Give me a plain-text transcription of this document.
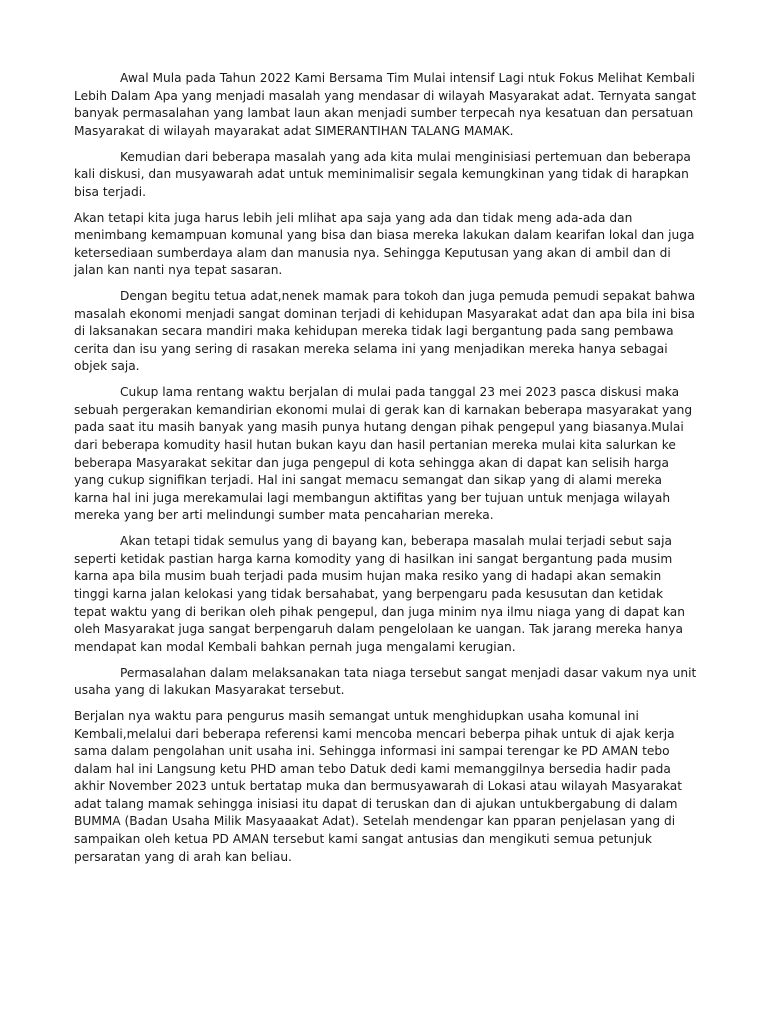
Awal Mula pada Tahun 2022 Kami Bersama Tim Mulai intensif Lagi ntuk Fokus Melihat Kembali Lebih Dalam Apa yang menjadi masalah yang mendasar di wilayah Masyarakat adat. Ternyata sangat banyak permasalahan yang lambat laun akan menjadi sumber terpecah nya kesatuan dan persatuan Masyarakat di wilayah mayarakat adat SIMERANTIHAN TALANG MAMAK.

Kemudian dari beberapa masalah yang ada kita mulai menginisiasi pertemuan dan beberapa kali diskusi, dan musyawarah adat untuk meminimalisir segala kemungkinan yang tidak di harapkan bisa terjadi.

Akan tetapi kita juga harus lebih jeli mlihat apa saja yang ada dan tidak meng ada-ada dan menimbang kemampuan komunal yang bisa dan biasa mereka lakukan dalam kearifan lokal dan juga ketersediaan sumberdaya alam dan manusia nya. Sehingga Keputusan yang akan di ambil dan di jalan kan nanti nya tepat sasaran.

Dengan begitu tetua adat,nenek mamak para tokoh dan juga pemuda pemudi sepakat bahwa masalah ekonomi menjadi sangat dominan terjadi di kehidupan Masyarakat adat dan apa bila ini bisa di laksanakan secara mandiri maka kehidupan mereka tidak lagi bergantung pada sang pembawa cerita dan isu yang sering di rasakan mereka selama ini yang menjadikan mereka hanya sebagai objek saja.

Cukup lama rentang waktu berjalan di mulai pada tanggal 23 mei 2023 pasca diskusi maka sebuah pergerakan kemandirian ekonomi mulai di gerak kan di karnakan beberapa masyarakat yang pada saat itu masih banyak yang masih punya hutang dengan pihak pengepul yang biasanya.Mulai dari beberapa komudity hasil hutan bukan kayu dan hasil pertanian mereka mulai kita salurkan ke beberapa Masyarakat sekitar dan juga pengepul di kota sehingga akan di dapat kan selisih harga yang cukup signifikan terjadi. Hal ini sangat memacu semangat dan sikap yang di alami mereka karna hal ini juga merekamulai lagi membangun aktifitas yang ber tujuan untuk menjaga wilayah mereka yang ber arti melindungi sumber mata pencaharian mereka.

Akan tetapi tidak semulus yang di bayang kan, beberapa masalah mulai terjadi sebut saja seperti ketidak pastian harga karna komodity yang di hasilkan ini sangat bergantung pada musim karna apa bila musim buah terjadi pada musim hujan maka resiko yang di hadapi akan semakin tinggi karna jalan kelokasi yang tidak bersahabat, yang berpengaru pada kesusutan dan ketidak tepat waktu yang di berikan oleh pihak pengepul, dan juga minim nya ilmu niaga yang di dapat kan oleh Masyarakat juga sangat berpengaruh dalam pengelolaan ke uangan. Tak jarang mereka hanya mendapat kan modal Kembali bahkan pernah juga mengalami kerugian.

Permasalahan dalam melaksanakan tata niaga tersebut sangat menjadi dasar vakum nya unit usaha yang di lakukan Masyarakat tersebut.

Berjalan nya waktu para pengurus masih semangat untuk menghidupkan usaha komunal ini Kembali,melalui dari beberapa referensi kami mencoba mencari beberpa pihak untuk di ajak kerja sama dalam pengolahan unit usaha ini. Sehingga informasi ini sampai terengar ke PD AMAN tebo dalam hal ini Langsung ketu PHD aman tebo Datuk dedi kami memanggilnya bersedia hadir pada akhir November 2023 untuk bertatap muka dan bermusyawarah di Lokasi atau wilayah Masyarakat adat talang mamak sehingga inisiasi itu dapat di teruskan dan di ajukan untukbergabung di dalam BUMMA (Badan Usaha Milik Masyaaakat Adat). Setelah mendengar kan pparan penjelasan yang di sampaikan oleh ketua PD AMAN tersebut kami sangat antusias dan mengikuti semua petunjuk persaratan yang di arah kan beliau.
